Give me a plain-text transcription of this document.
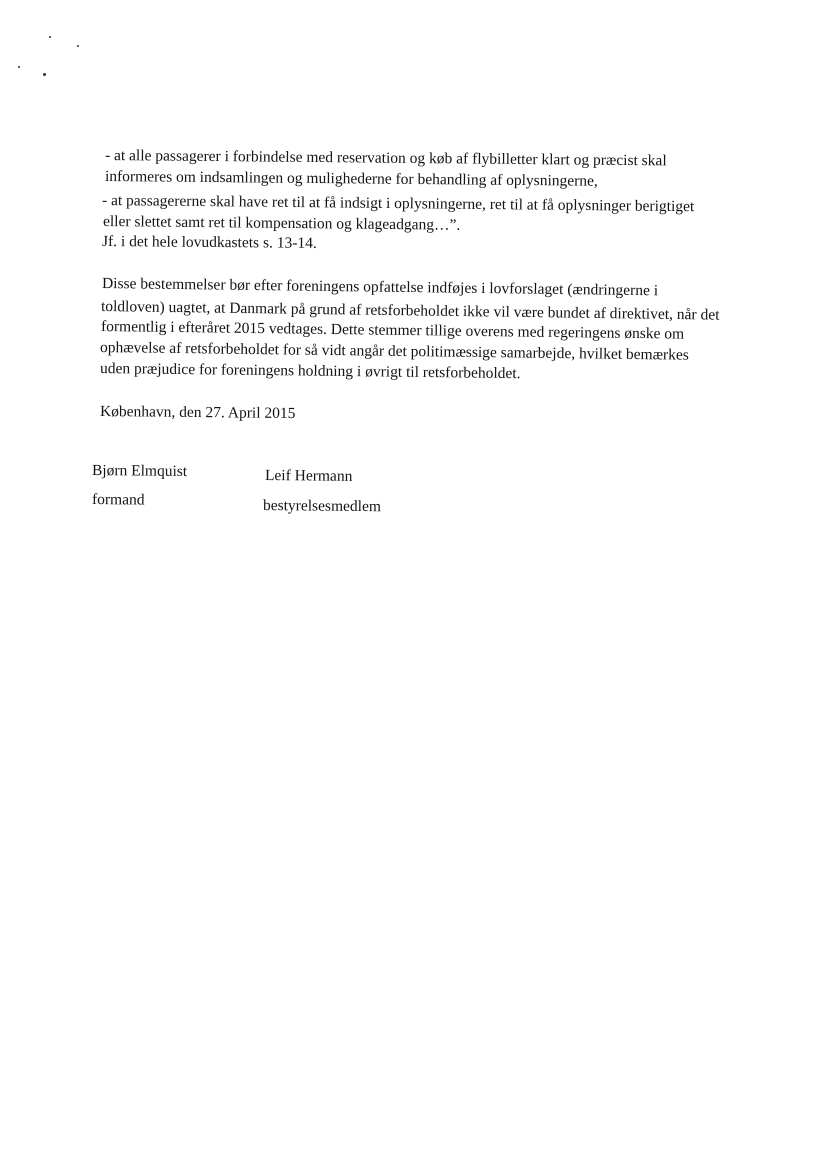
- at alle passagerer i forbindelse med reservation og køb af flybilletter klart og præcist skal
informeres om indsamlingen og mulighederne for behandling af oplysningerne,
- at passagererne skal have ret til at få indsigt i oplysningerne, ret til at få oplysninger berigtiget
eller slettet samt ret til kompensation og klageadgang…”.
Jf. i det hele lovudkastets s. 13-14.
Disse bestemmelser bør efter foreningens opfattelse indføjes i lovforslaget (ændringerne i
toldloven) uagtet, at Danmark på grund af retsforbeholdet ikke vil være bundet af direktivet, når det
formentlig i efteråret 2015 vedtages. Dette stemmer tillige overens med regeringens ønske om
ophævelse af retsforbeholdet for så vidt angår det politimæssige samarbejde, hvilket bemærkes
uden præjudice for foreningens holdning i øvrigt til retsforbeholdet.
København, den 27. April 2015
Bjørn Elmquist
formand
Leif Hermann
bestyrelsesmedlem
